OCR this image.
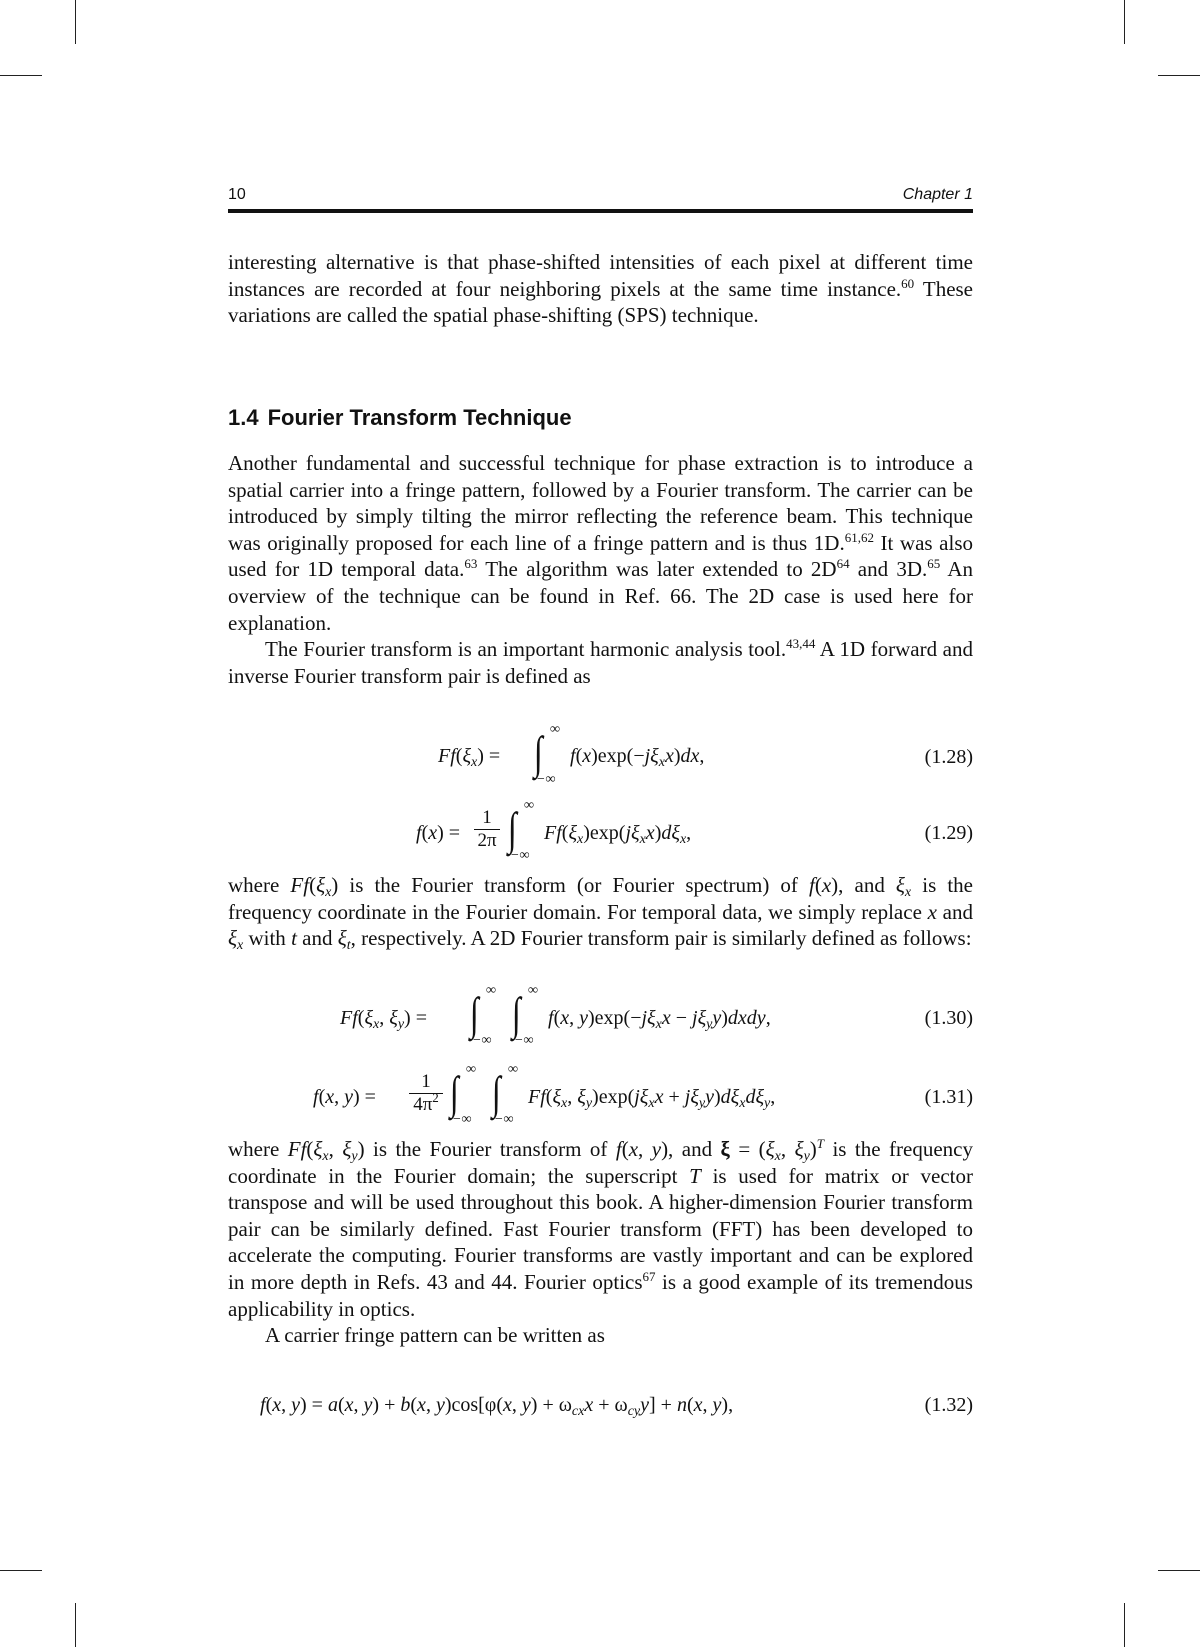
10	Chapter 1

interesting alternative is that phase-shifted intensities of each pixel at different time instances are recorded at four neighboring pixels at the same time instance.$^{60}$ These variations are called the spatial phase-shifting (SPS) technique.

1.4 Fourier Transform Technique

Another fundamental and successful technique for phase extraction is to introduce a spatial carrier into a fringe pattern, followed by a Fourier transform. The carrier can be introduced by simply tilting the mirror reflecting the reference beam. This technique was originally proposed for each line of a fringe pattern and is thus 1D.$^{61,62}$ It was also used for 1D temporal data.$^{63}$ The algorithm was later extended to $2D^{64}$ and 3D.$^{65}$ An overview of the technique can be found in Ref. 66. The 2D case is used here for explanation.

The Fourier transform is an important harmonic analysis tool.$^{43,44}$ A 1D forward and inverse Fourier transform pair is defined as

$Ff(\xi_x)$ = ∫ ∞
−∞
$f(x)\exp(-j\xi_xx)dx$,	(1.28)
f(x) =
1
2π ∫ ∞
−∞
$Ff(\xi_x)\exp(j\xi_xx)d\xi_x$,	(1.29)

where $Ff(\xi_x)$ is the Fourier transform (or Fourier spectrum) of f(x), and $\xi_x$ is the frequency coordinate in the Fourier domain. For temporal data, we simply replace x and $\xi_x$ with t and $\xi_t$, respectively. A 2D Fourier transform pair is similarly defined as follows:

$Ff(\xi_x$, $\xi_y$) = ∫ ∞
−∞
∫ ∞
−∞
f(x, $y)\exp(-j\xi_xx$ − $j\xi_yy)dxdy$,	(1.30)
f(x, y) =
1
$4\pi^2$ ∫ ∞
−∞
∫ ∞
−∞
$Ff(\xi_x$, $\xi_y)\exp(j\xi_xx + j\xi_yy)d\xi_xd\xi_y$,	(1.31)

where $Ff(\xi_x$, $\xi_y$) is the Fourier transform of f(x, y), and $\xi = (\xi_x$, $\xi_y)^T$ is the frequency coordinate in the Fourier domain; the superscript T is used for matrix or vector transpose and will be used throughout this book. A higher-dimension Fourier transform pair can be similarly defined. Fast Fourier transform (FFT) has been developed to accelerate the computing. Fourier transforms are vastly important and can be explored in more depth in Refs. 43 and 44. Fourier optics$^{67}$ is a good example of its tremendous applicability in optics.

A carrier fringe pattern can be written as

f(x, y) = a(x, y) + b(x, y)cos[φ(x, $y) + \omega_{cx}x + \omega_{cy}y] + n(x$, y),	(1.32)
